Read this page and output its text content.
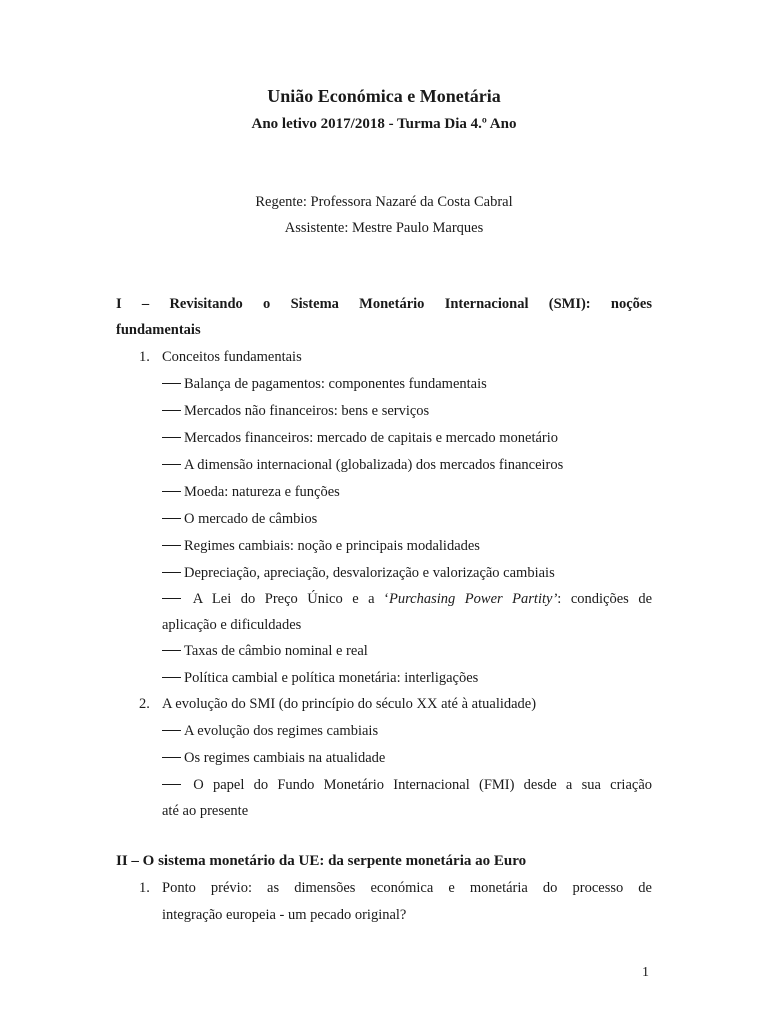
União Económica e Monetária
Ano letivo 2017/2018 - Turma Dia 4.º Ano
Regente: Professora Nazaré da Costa Cabral
Assistente: Mestre Paulo Marques
I – Revisitando o Sistema Monetário Internacional (SMI): noções
fundamentais
1. Conceitos fundamentais
Balança de pagamentos: componentes fundamentais
Mercados não financeiros: bens e serviços
Mercados financeiros: mercado de capitais e mercado monetário
A dimensão internacional (globalizada) dos mercados financeiros
Moeda: natureza e funções
O mercado de câmbios
Regimes cambiais: noção e principais modalidades
Depreciação, apreciação, desvalorização e valorização cambiais
A Lei do Preço Único e a ‘Purchasing Power Partity’: condições de
aplicação e dificuldades
Taxas de câmbio nominal e real
Política cambial e política monetária: interligações
2. A evolução do SMI (do princípio do século XX até à atualidade)
A evolução dos regimes cambiais
Os regimes cambiais na atualidade
O papel do Fundo Monetário Internacional (FMI) desde a sua criação
até ao presente
II – O sistema monetário da UE: da serpente monetária ao Euro
1. Ponto prévio: as dimensões económica e monetária do processo de
integração europeia - um pecado original?
1
